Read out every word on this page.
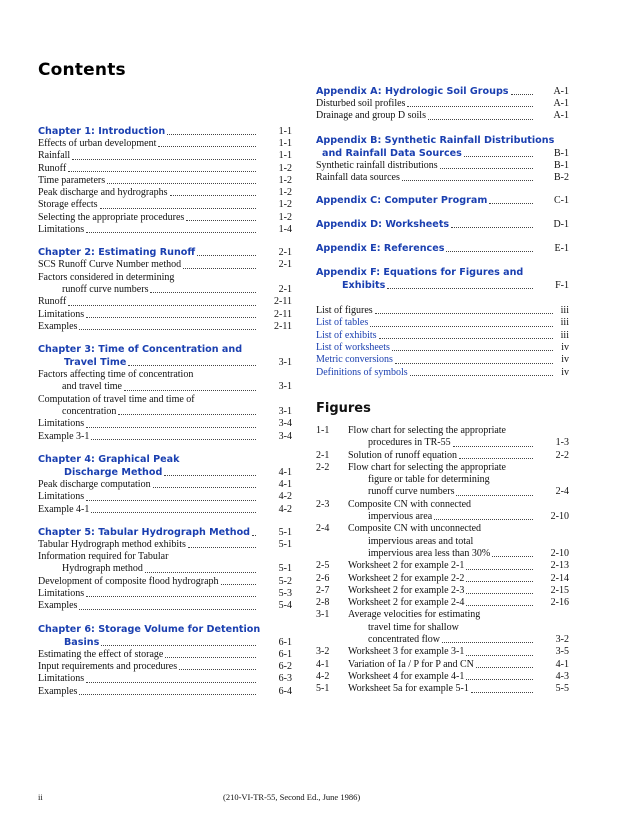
Contents
Chapter 1: Introduction	1-1
Effects of urban development	1-1
Rainfall	1-1
Runoff	1-2
Time parameters	1-2
Peak discharge and hydrographs	1-2
Storage effects	1-2
Selecting the appropriate procedures	1-2
Limitations	1-4
Chapter 2: Estimating Runoff	2-1
SCS Runoff Curve Number method	2-1
Factors considered in determining
runoff curve numbers	2-1
Runoff	2-11
Limitations	2-11
Examples	2-11
Chapter 3: Time of Concentration and
Travel Time	3-1
Factors affecting time of concentration
and travel time	3-1
Computation of travel time and time of
concentration	3-1
Limitations	3-4
Example 3-1	3-4
Chapter 4: Graphical Peak
Discharge Method	4-1
Peak discharge computation	4-1
Limitations	4-2
Example 4-1	4-2
Chapter 5: Tabular Hydrograph Method	5-1
Tabular Hydrograph method exhibits	5-1
Information required for Tabular
Hydrograph method	5-1
Development of composite flood hydrograph	5-2
Limitations	5-3
Examples	5-4
Chapter 6: Storage Volume for Detention
Basins	6-1
Estimating the effect of storage	6-1
Input requirements and procedures	6-2
Limitations	6-3
Examples	6-4
Appendix A: Hydrologic Soil Groups	A-1
Disturbed soil profiles	A-1
Drainage and group D soils	A-1
Appendix B: Synthetic Rainfall Distributions
and Rainfall Data Sources	B-1
Synthetic rainfall distributions	B-1
Rainfall data sources	B-2
Appendix C: Computer Program	C-1
Appendix D: Worksheets	D-1
Appendix E: References	E-1
Appendix F: Equations for Figures and
Exhibits	F-1
List of figures	iii
List of tables	iii
List of exhibits	iii
List of worksheets	iv
Metric conversions	iv
Definitions of symbols	iv
Figures
1-1	Flow chart for selecting the appropriate
procedures in TR-55	1-3
2-1	Solution of runoff equation	2-2
2-2	Flow chart for selecting the appropriate
figure or table for determining
runoff curve numbers	2-4
2-3	Composite CN with connected
impervious area	2-10
2-4	Composite CN with unconnected
impervious areas and total
impervious area less than 30%	2-10
2-5	Worksheet 2 for example 2-1	2-13
2-6	Worksheet 2 for example 2-2	2-14
2-7	Worksheet 2 for example 2-3	2-15
2-8	Worksheet 2 for example 2-4	2-16
3-1	Average velocities for estimating
travel time for shallow
concentrated flow	3-2
3-2	Worksheet 3 for example 3-1	3-5
4-1	Variation of Ia / P for P and CN	4-1
4-2	Worksheet 4 for example 4-1	4-3
5-1	Worksheet 5a for example 5-1	5-5
ii	(210-VI-TR-55, Second Ed., June 1986)
